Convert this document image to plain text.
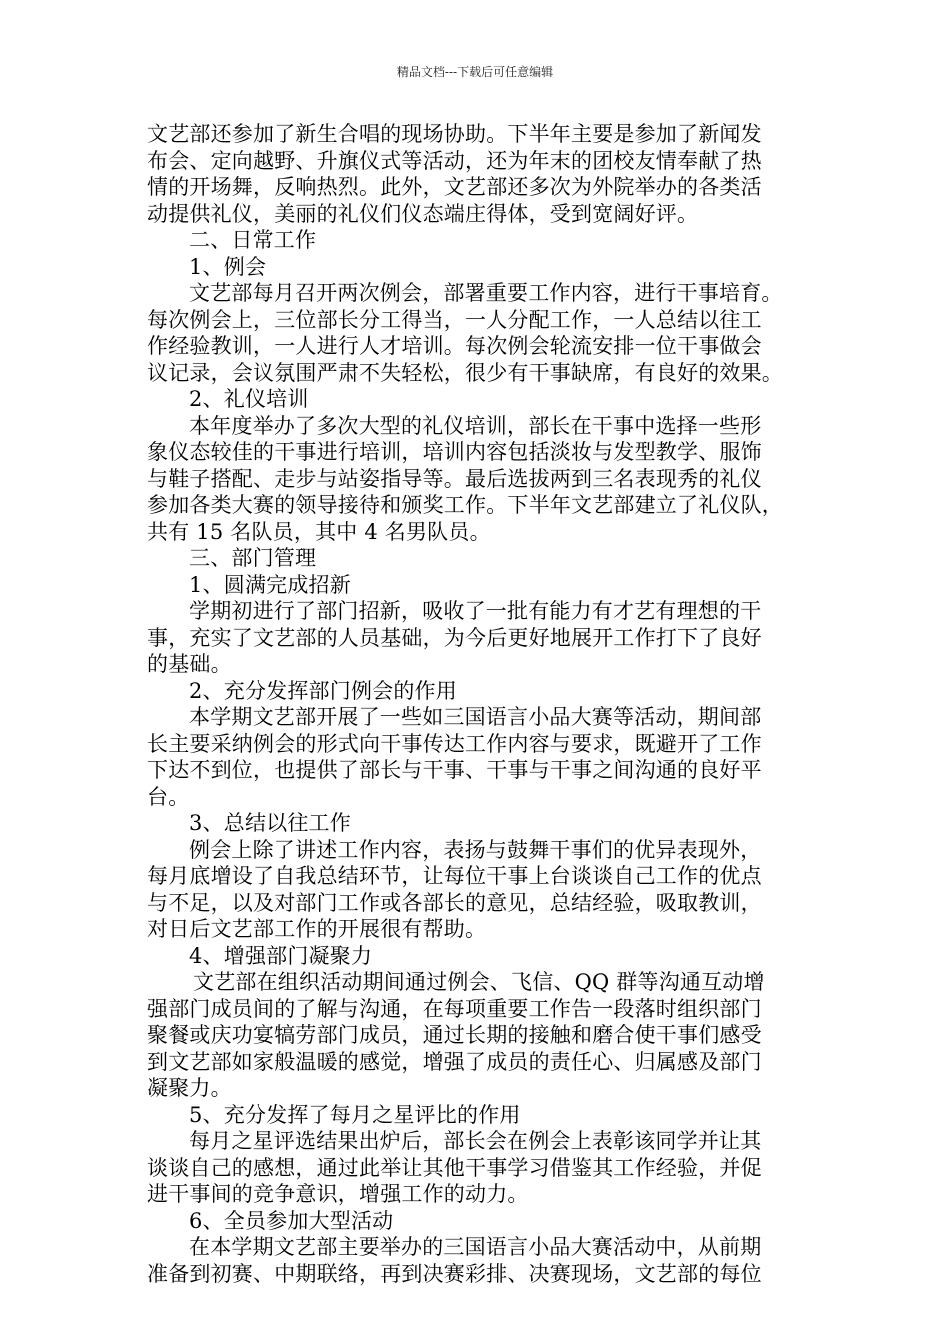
精品文档---下载后可任意编辑
文艺部还参加了新生合唱的现场协助。下半年主要是参加了新闻发
布会、定向越野、升旗仪式等活动，还为年末的团校友情奉献了热
情的开场舞，反响热烈。此外，文艺部还多次为外院举办的各类活
动提供礼仪，美丽的礼仪们仪态端庄得体，受到宽阔好评。
二、日常工作
1、例会
文艺部每月召开两次例会，部署重要工作内容，进行干事培育。
每次例会上，三位部长分工得当，一人分配工作，一人总结以往工
作经验教训，一人进行人才培训。每次例会轮流安排一位干事做会
议记录，会议氛围严肃不失轻松，很少有干事缺席，有良好的效果。
2、礼仪培训
本年度举办了多次大型的礼仪培训，部长在干事中选择一些形
象仪态较佳的干事进行培训，培训内容包括淡妆与发型教学、服饰
与鞋子搭配、走步与站姿指导等。最后选拔两到三名表现秀的礼仪
参加各类大赛的领导接待和颁奖工作。下半年文艺部建立了礼仪队，
共有 15 名队员，其中 4 名男队员。
三、部门管理
1、圆满完成招新
学期初进行了部门招新，吸收了一批有能力有才艺有理想的干
事，充实了文艺部的人员基础，为今后更好地展开工作打下了良好
的基础。
2、充分发挥部门例会的作用
本学期文艺部开展了一些如三国语言小品大赛等活动，期间部
长主要采纳例会的形式向干事传达工作内容与要求，既避开了工作
下达不到位，也提供了部长与干事、干事与干事之间沟通的良好平
台。
3、总结以往工作
例会上除了讲述工作内容，表扬与鼓舞干事们的优异表现外，
每月底增设了自我总结环节，让每位干事上台谈谈自己工作的优点
与不足，以及对部门工作或各部长的意见，总结经验，吸取教训，
对日后文艺部工作的开展很有帮助。
4、增强部门凝聚力
文艺部在组织活动期间通过例会、飞信、QQ 群等沟通互动增
强部门成员间的了解与沟通，在每项重要工作告一段落时组织部门
聚餐或庆功宴犒劳部门成员，通过长期的接触和磨合使干事们感受
到文艺部如家般温暖的感觉，增强了成员的责任心、归属感及部门
凝聚力。
5、充分发挥了每月之星评比的作用
每月之星评选结果出炉后，部长会在例会上表彰该同学并让其
谈谈自己的感想，通过此举让其他干事学习借鉴其工作经验，并促
进干事间的竞争意识，增强工作的动力。
6、全员参加大型活动
在本学期文艺部主要举办的三国语言小品大赛活动中，从前期
准备到初赛、中期联络，再到决赛彩排、决赛现场，文艺部的每位
